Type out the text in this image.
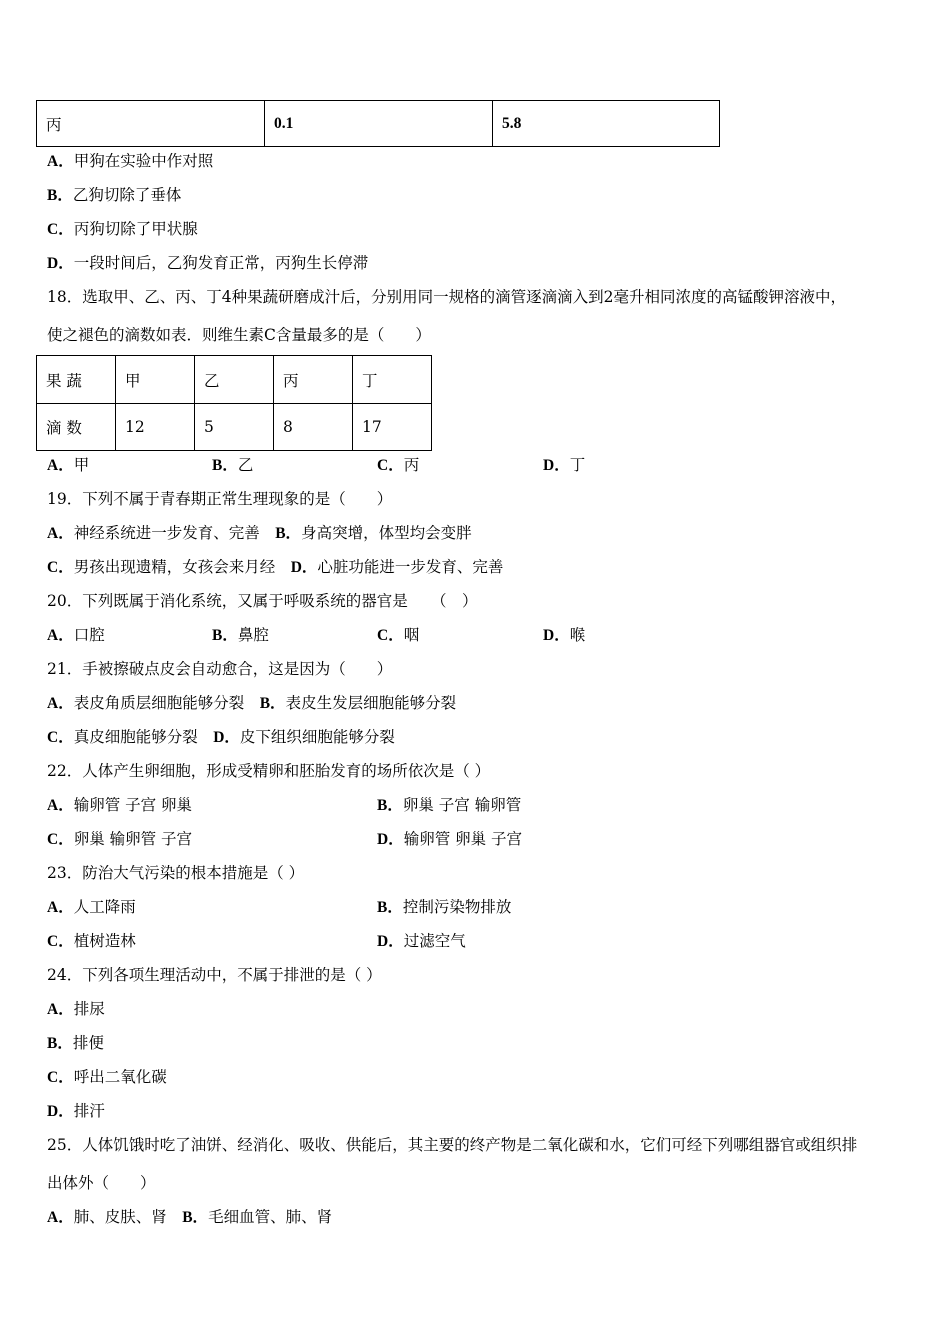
丙	0.1	5.8
A．甲狗在实验中作对照
B．乙狗切除了垂体
C．丙狗切除了甲状腺
D．一段时间后，乙狗发育正常，丙狗生长停滞
18．选取甲、乙、丙、丁4种果蔬研磨成汁后，分别用同一规格的滴管逐滴滴入到2毫升相同浓度的高锰酸钾溶液中，
使之褪色的滴数如表．则维生素C含量最多的是（　　）
果 蔬	甲	乙	丙	丁
滴 数	12	5	8	17
A．甲	B．乙	C．丙	D．丁
19．下列不属于青春期正常生理现象的是（　　）
A．神经系统进一步发育、完善　B．身高突增，体型均会变胖
C．男孩出现遗精，女孩会来月经　D．心脏功能进一步发育、完善
20．下列既属于消化系统，又属于呼吸系统的器官是　　（　）
A．口腔	B．鼻腔	C．咽	D．喉
21．手被擦破点皮会自动愈合，这是因为（　　）
A．表皮角质层细胞能够分裂　B．表皮生发层细胞能够分裂
C．真皮细胞能够分裂　D．皮下组织细胞能够分裂
22．人体产生卵细胞，形成受精卵和胚胎发育的场所依次是（ ）
A．输卵管 子宫 卵巢	B．卵巢 子宫 输卵管
C．卵巢 输卵管 子宫	D．输卵管 卵巢 子宫
23．防治大气污染的根本措施是（ ）
A．人工降雨	B．控制污染物排放
C．植树造林	D．过滤空气
24．下列各项生理活动中，不属于排泄的是（ ）
A．排尿
B．排便
C．呼出二氧化碳
D．排汗
25．人体饥饿时吃了油饼、经消化、吸收、供能后，其主要的终产物是二氧化碳和水，它们可经下列哪组器官或组织排
出体外（　　）
A．肺、皮肤、肾　B．毛细血管、肺、肾
